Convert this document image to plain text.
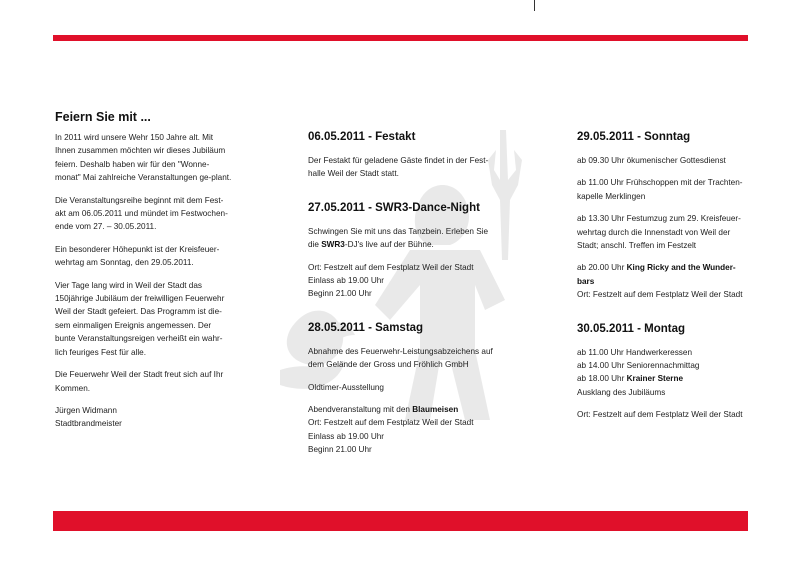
Feiern Sie mit ...

In 2011 wird unsere Wehr 150 Jahre alt. Mit Ihnen zusammen möchten wir dieses Jubiläum feiern. Deshalb haben wir für den "Wonne-monat" Mai zahlreiche Veranstaltungen ge-plant.

Die Veranstaltungsreihe beginnt mit dem Fest-akt am 06.05.2011 und mündet im Festwochen-ende vom 27. – 30.05.2011.

Ein besonderer Höhepunkt ist der Kreisfeuer-wehrtag am Sonntag, den 29.05.2011.

Vier Tage lang wird in Weil der Stadt das 150jährige Jubiläum der freiwilligen Feuerwehr Weil der Stadt gefeiert. Das Programm ist die-sem einmaligen Ereignis angemessen. Der bunte Veranstaltungsreigen verheißt ein wahr-lich feuriges Fest für alle.

Die Feuerwehr Weil der Stadt freut sich auf Ihr Kommen.

Jürgen Widmann
Stadtbrandmeister

06.05.2011 - Festakt

Der Festakt für geladene Gäste findet in der Fest-halle Weil der Stadt statt.

27.05.2011 - SWR3-Dance-Night

Schwingen Sie mit uns das Tanzbein. Erleben Sie die SWR3-DJ's live auf der Bühne.

Ort: Festzelt auf dem Festplatz Weil der Stadt
Einlass ab 19.00 Uhr
Beginn 21.00 Uhr

28.05.2011 - Samstag

Abnahme des Feuerwehr-Leistungsabzeichens auf dem Gelände der Gross und Fröhlich GmbH

Oldtimer-Ausstellung

Abendveranstaltung mit den Blaumeisen
Ort: Festzelt auf dem Festplatz Weil der Stadt
Einlass ab 19.00 Uhr
Beginn 21.00 Uhr

29.05.2011 - Sonntag

ab 09.30 Uhr ökumenischer Gottesdienst

ab 11.00 Uhr Frühschoppen mit der Trachten-kapelle Merklingen

ab 13.30 Uhr Festumzug zum 29. Kreisfeuer-wehrtag durch die Innenstadt von Weil der Stadt; anschl. Treffen im Festzelt

ab 20.00 Uhr King Ricky and the Wunder-bars
Ort: Festzelt auf dem Festplatz Weil der Stadt

30.05.2011 - Montag

ab 11.00 Uhr Handwerkeressen
ab 14.00 Uhr Seniorennachmittag
ab 18.00 Uhr Krainer Sterne
Ausklang des Jubiläums

Ort: Festzelt auf dem Festplatz Weil der Stadt
